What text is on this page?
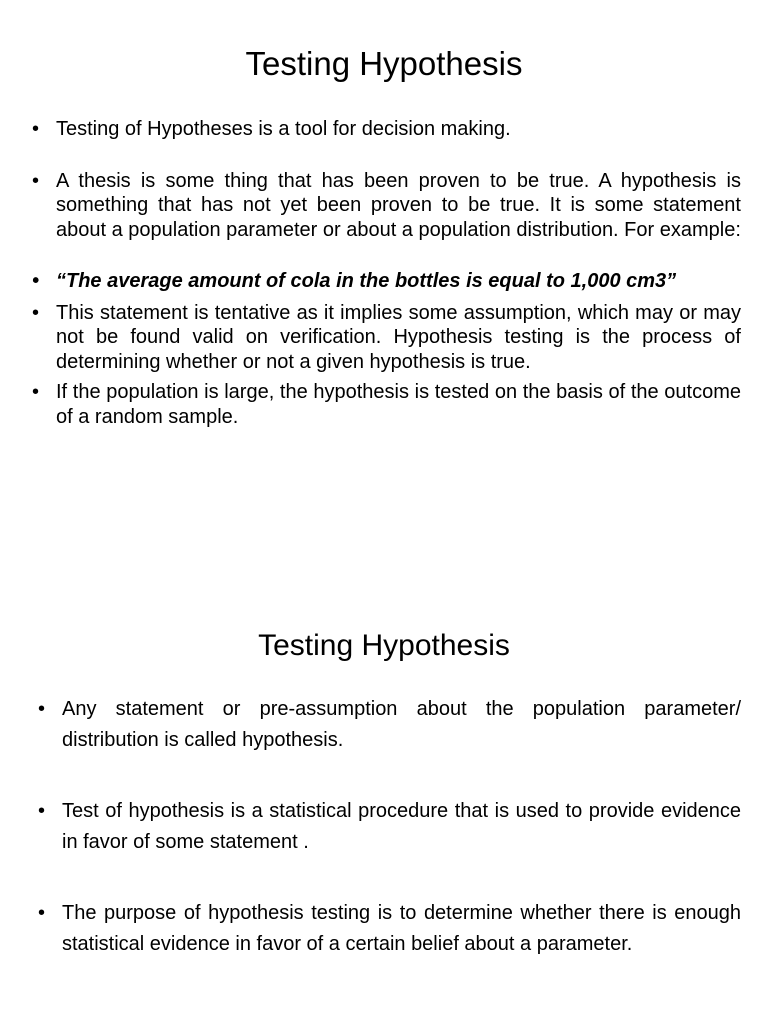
Testing Hypothesis
• Testing of Hypotheses is a tool for decision making.
• A thesis is some thing that has been proven to be true. A hypothesis is something that has not yet been proven to be true. It is some statement about a population parameter or about a population distribution. For example:
• “The average amount of cola in the bottles is equal to 1,000 cm3”
• This statement is tentative as it implies some assumption, which may or may not be found valid on verification. Hypothesis testing is the process of determining whether or not a given hypothesis is true.
• If the population is large, the hypothesis is tested on the basis of the outcome of a random sample.
Testing Hypothesis
• Any statement or pre-assumption about the population parameter/ distribution is called hypothesis.
• Test of hypothesis is a statistical procedure that is used to provide evidence in favor of some statement .
• The purpose of hypothesis testing is to determine whether there is enough statistical evidence in favor of a certain belief about a parameter.
